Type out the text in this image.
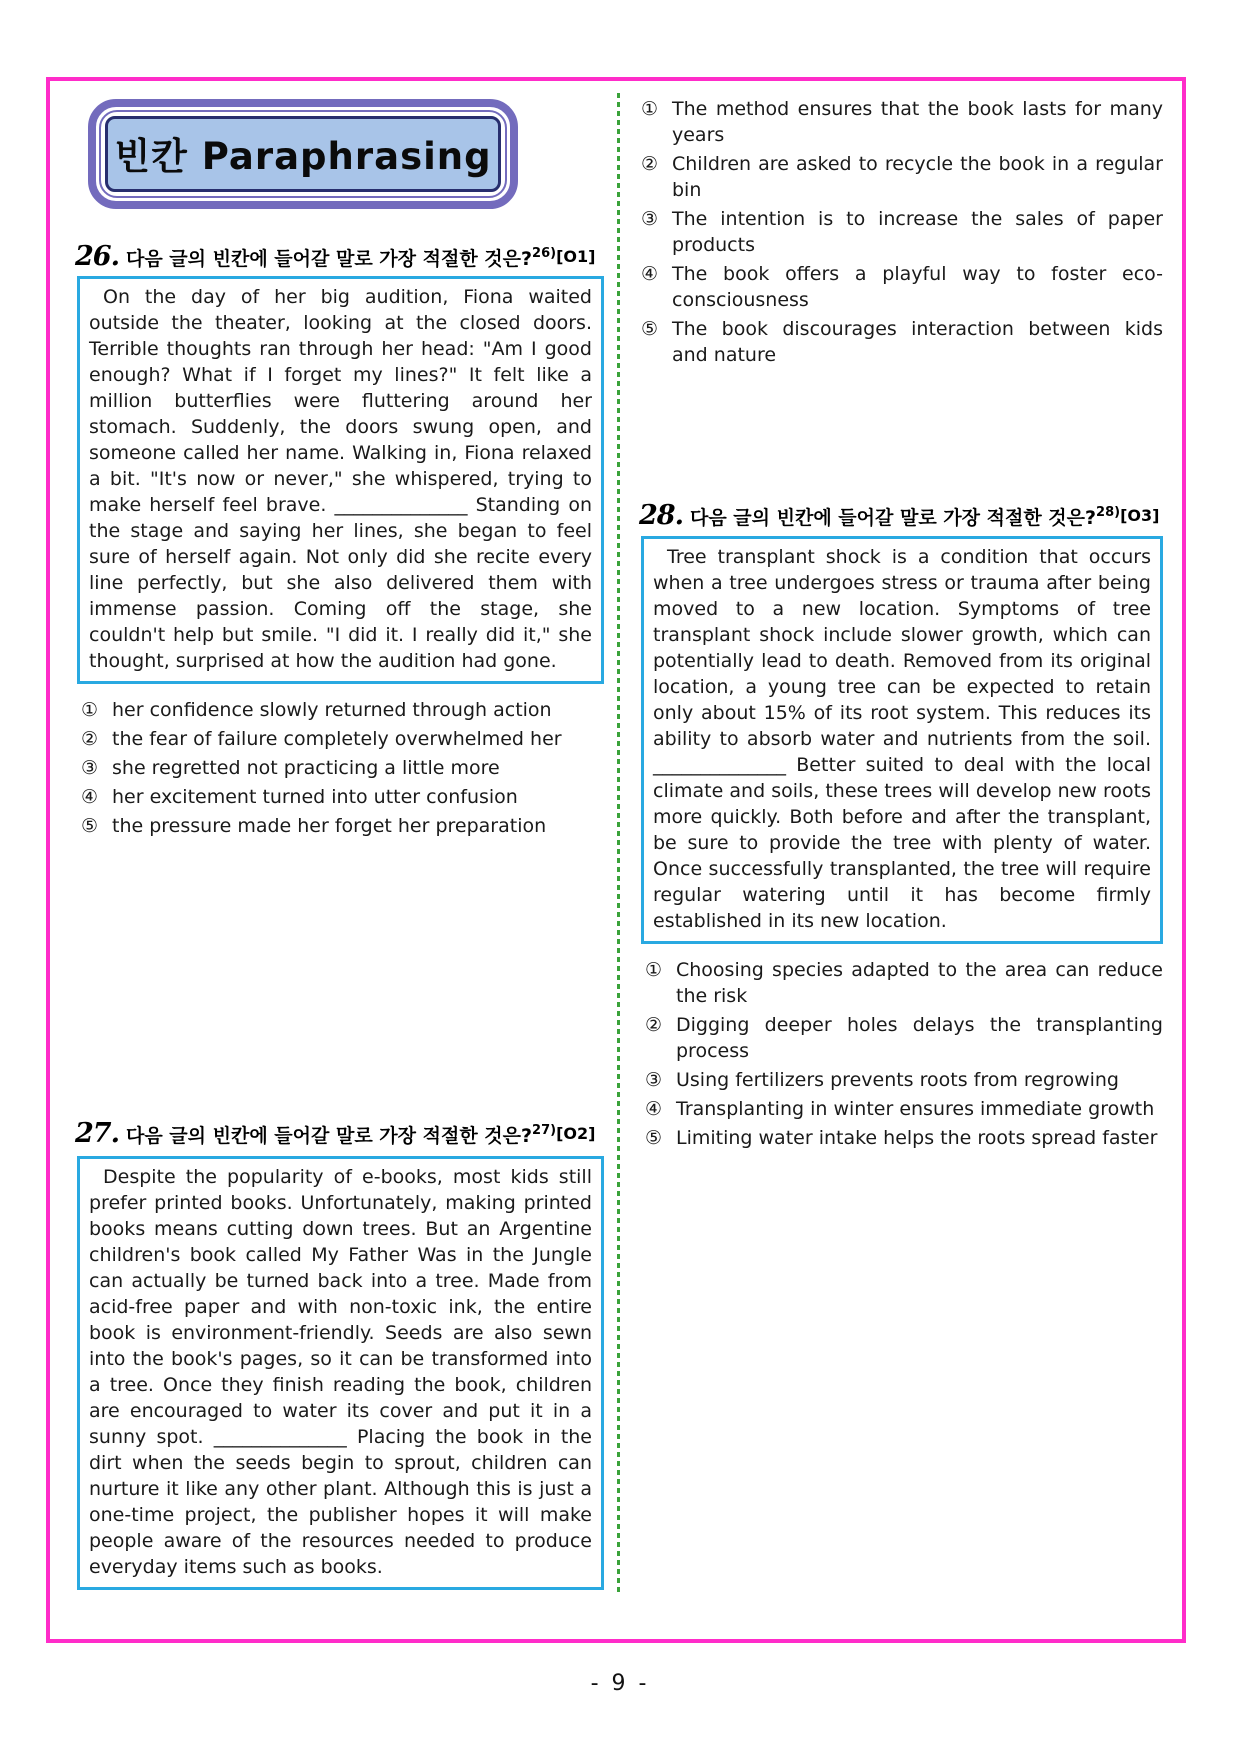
빈칸 Paraphrasing
26. 다음 글의 빈칸에 들어갈 말로 가장 적절한 것은?$^{26)}$[O1]

On the day of her big audition, Fiona waited outside the theater, looking at the closed doors. Terrible thoughts ran through her head: "Am I good enough? What if I forget my lines?" It felt like a million butterflies were fluttering around her stomach. Suddenly, the doors swung open, and someone called her name. Walking in, Fiona relaxed a bit. "It's now or never," she whispered, trying to make herself feel brave. ______________ Standing on the stage and saying her lines, she began to feel sure of herself again. Not only did she recite every line perfectly, but she also delivered them with immense passion. Coming off the stage, she couldn't help but smile. "I did it. I really did it," she thought, surprised at how the audition had gone.

① her confidence slowly returned through action
② the fear of failure completely overwhelmed her
③ she regretted not practicing a little more
④ her excitement turned into utter confusion
⑤ the pressure made her forget her preparation
27. 다음 글의 빈칸에 들어갈 말로 가장 적절한 것은?$^{27)}$[O2]

Despite the popularity of e-books, most kids still prefer printed books. Unfortunately, making printed books means cutting down trees. But an Argentine children's book called My Father Was in the Jungle can actually be turned back into a tree. Made from acid-free paper and with non-toxic ink, the entire book is environment-friendly. Seeds are also sewn into the book's pages, so it can be transformed into a tree. Once they finish reading the book, children are encouraged to water its cover and put it in a sunny spot. ______________ Placing the book in the dirt when the seeds begin to sprout, children can nurture it like any other plant. Although this is just a one-time project, the publisher hopes it will make people aware of the resources needed to produce everyday items such as books.

① The method ensures that the book lasts for many years
② Children are asked to recycle the book in a regular bin
③ The intention is to increase the sales of paper products
④ The book offers a playful way to foster eco-consciousness
⑤ The book discourages interaction between kids and nature
28. 다음 글의 빈칸에 들어갈 말로 가장 적절한 것은?$^{28)}$[O3]

Tree transplant shock is a condition that occurs when a tree undergoes stress or trauma after being moved to a new location. Symptoms of tree transplant shock include slower growth, which can potentially lead to death. Removed from its original location, a young tree can be expected to retain only about 15% of its root system. This reduces its ability to absorb water and nutrients from the soil. ______________ Better suited to deal with the local climate and soils, these trees will develop new roots more quickly. Both before and after the transplant, be sure to provide the tree with plenty of water. Once successfully transplanted, the tree will require regular watering until it has become firmly established in its new location.

① Choosing species adapted to the area can reduce the risk
② Digging deeper holes delays the transplanting process
③ Using fertilizers prevents roots from regrowing
④ Transplanting in winter ensures immediate growth
⑤ Limiting water intake helps the roots spread faster
- 9 -
